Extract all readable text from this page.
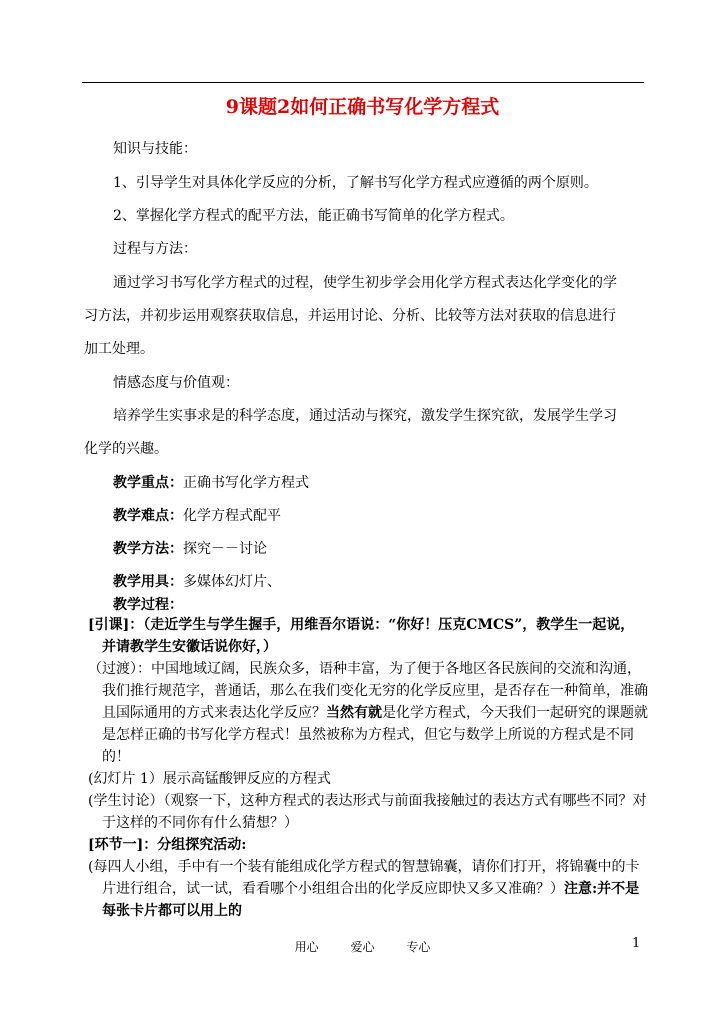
9课题2如何正确书写化学方程式
知识与技能：
1、引导学生对具体化学反应的分析，了解书写化学方程式应遵循的两个原则。
2、掌握化学方程式的配平方法，能正确书写简单的化学方程式。
过程与方法：
通过学习书写化学方程式的过程，使学生初步学会用化学方程式表达化学变化的学
习方法，并初步运用观察获取信息，并运用讨论、分析、比较等方法对获取的信息进行
加工处理。
情感态度与价值观：
培养学生实事求是的科学态度，通过活动与探究，激发学生探究欲，发展学生学习
化学的兴趣。
教学重点：正确书写化学方程式
教学难点：化学方程式配平
教学方法：探究－－讨论
教学用具：多媒体幻灯片、
教学过程：
[引课]：（走近学生与学生握手，用维吾尔语说：“你好！压克CMCS”，教学生一起说，并请教学生安徽话说你好，）
（过渡）：中国地域辽阔，民族众多，语种丰富，为了便于各地区各民族间的交流和沟通，我们推行规范字，普通话，那么在我们变化无穷的化学反应里，是否存在一种简单，准确且国际通用的方式来表达化学反应？当然有就是化学方程式，今天我们一起研究的课题就是怎样正确的书写化学方程式！虽然被称为方程式，但它与数学上所说的方程式是不同的！
(幻灯片 1）展示高锰酸钾反应的方程式
(学生讨论）（观察一下，这种方程式的表达形式与前面我接触过的表达方式有哪些不同？对于这样的不同你有什么猜想？）
[环节一]：分组探究活动:
(每四人小组，手中有一个装有能组成化学方程式的智慧锦囊，请你们打开，将锦囊中的卡片进行组合，试一试，看看哪个小组组合出的化学反应即快又多又准确？）注意:并不是每张卡片都可以用上的
用心	爱心	专心	1
